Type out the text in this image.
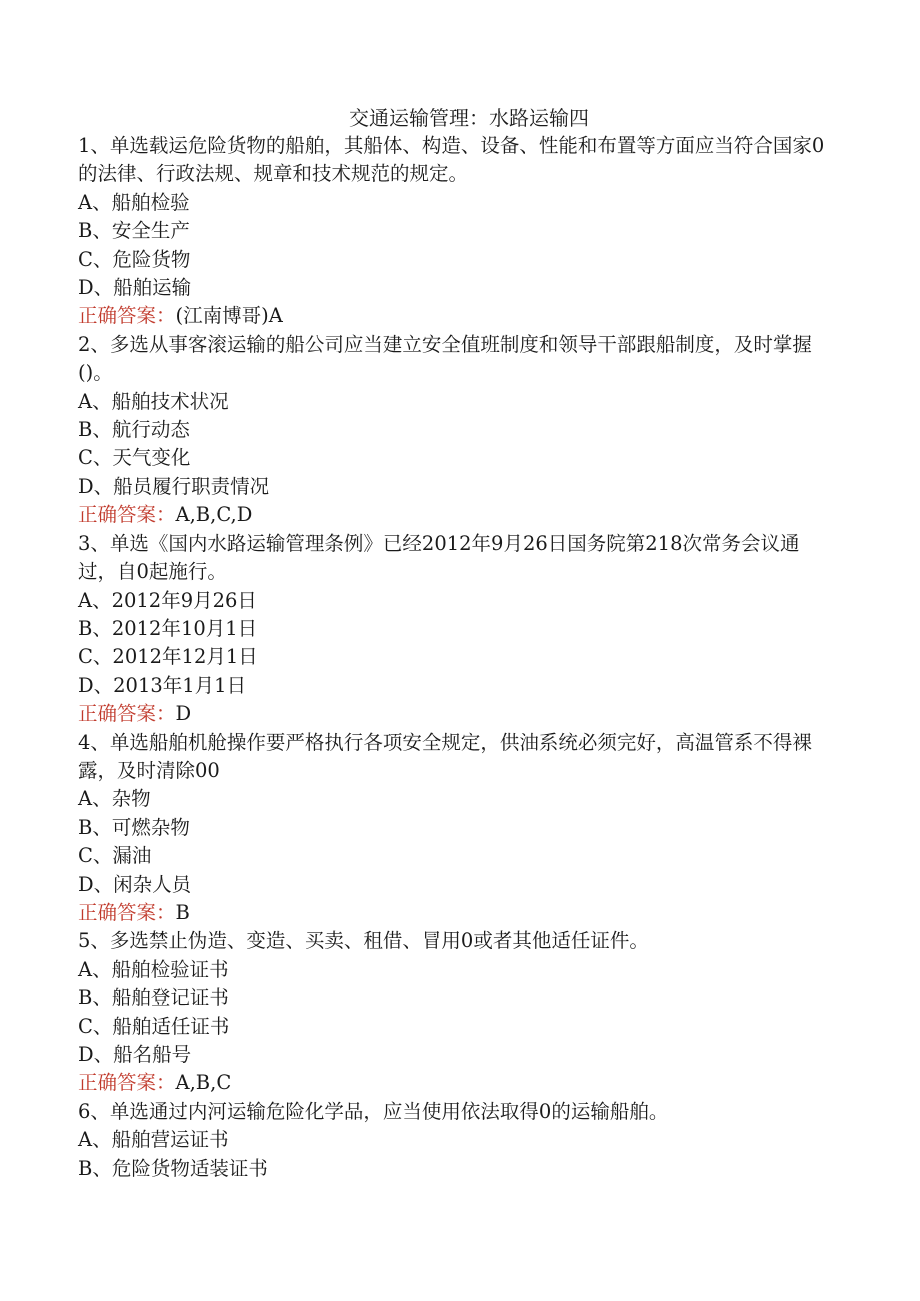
交通运输管理：水路运输四

1、单选载运危险货物的船舶，其船体、构造、设备、性能和布置等方面应当符合国家0的法律、行政法规、规章和技术规范的规定。

A、船舶检验

B、安全生产

C、危险货物

D、船舶运输

正确答案：(江南博哥)A

2、多选从事客滚运输的船公司应当建立安全值班制度和领导干部跟船制度，及时掌握()。

A、船舶技术状况

B、航行动态

C、天气变化

D、船员履行职责情况

正确答案：A,B,C,D

3、单选《国内水路运输管理条例》已经2012年9月26日国务院第218次常务会议通过，自0起施行。

A、2012年9月26日

B、2012年10月1日

C、2012年12月1日

D、2013年1月1日

正确答案：D

4、单选船舶机舱操作要严格执行各项安全规定，供油系统必须完好，高温管系不得裸露，及时清除00

A、杂物

B、可燃杂物

C、漏油

D、闲杂人员

正确答案：B

5、多选禁止伪造、变造、买卖、租借、冒用0或者其他适任证件。

A、船舶检验证书

B、船舶登记证书

C、船舶适任证书

D、船名船号

正确答案：A,B,C

6、单选通过内河运输危险化学品，应当使用依法取得0的运输船舶。

A、船舶营运证书

B、危险货物适装证书
